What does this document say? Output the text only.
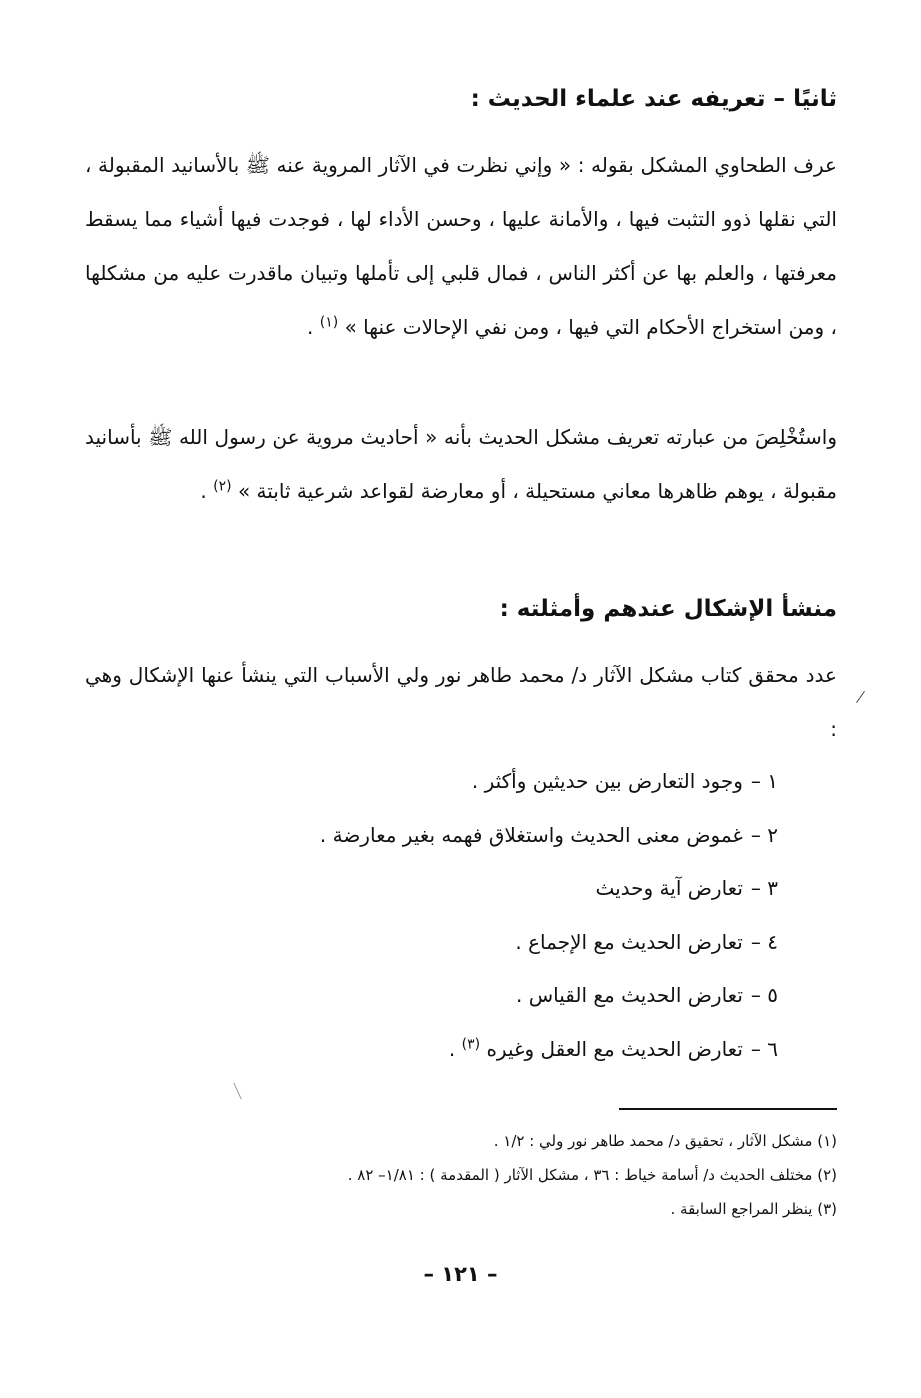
ثانيًا – تعريفه عند علماء الحديث :
عرف الطحاوي المشكل بقوله : « وإني نظرت في الآثار المروية عنه ﷺ بالأسانيد المقبولة ، التي نقلها ذوو التثبت فيها ، والأمانة عليها ، وحسن الأداء لها ، فوجدت فيها أشياء مما يسقط معرفتها ، والعلم بها عن أكثر الناس ، فمال قلبي إلى تأملها وتبيان ماقدرت عليه من مشكلها ، ومن استخراج الأحكام التي فيها ، ومن نفي الإحالات عنها » $^{(١)}$ .
واستُخْلِصَ من عبارته تعريف مشكل الحديث بأنه « أحاديث مروية عن رسول الله ﷺ بأسانيد مقبولة ، يوهم ظاهرها معاني مستحيلة ، أو معارضة لقواعد شرعية ثابتة » $^{(٢)}$ .
منشأ الإشكال عندهم وأمثلته :
عدد محقق كتاب مشكل الآثار د/ محمد طاهر نور ولي الأسباب التي ينشأ عنها الإشكال وهي :
١ –وجود التعارض بين حديثين وأكثر .
٢ –غموض معنى الحديث واستغلاق فهمه بغير معارضة .
٣ –تعارض آية وحديث
٤ –تعارض الحديث مع الإجماع .
٥ –تعارض الحديث مع القياس .
٦ –تعارض الحديث مع العقل وغيره $^{(٣)}$ .
(١) مشكل الآثار ، تحقيق د/ محمد طاهر نور ولي : ١/٢ .
(٢) مختلف الحديث د/ أسامة خياط : ٣٦ ، مشكل الآثار ( المقدمة ) : ١/٨١– ٨٢ .
(٣) ينظر المراجع السابقة .
– ١٢١ –
